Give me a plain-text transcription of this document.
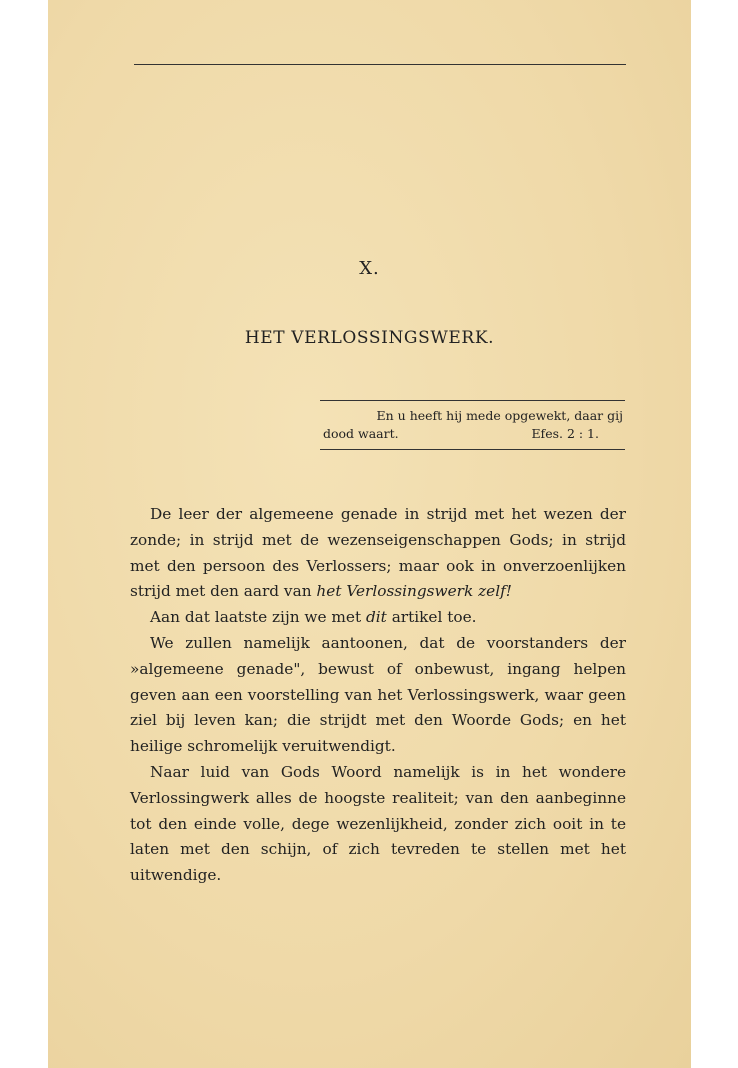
X.
HET VERLOSSINGSWERK.
En u heeft hij mede opgewekt, daar gij
dood waart.	Efes. 2 : 1.

De leer der algemeene genade in strijd met het wezen der zonde; in strijd met de wezenseigenschappen Gods; in strijd met den persoon des Verlossers; maar ook in onverzoenlijken strijd met den aard van het Verlossingswerk zelf!

Aan dat laatste zijn we met dit artikel toe.

We zullen namelijk aantoonen, dat de voorstanders der »algemeene genade", bewust of onbewust, ingang helpen geven aan een voorstelling van het Verlossingswerk, waar geen ziel bij leven kan; die strijdt met den Woorde Gods; en het heilige schromelijk veruitwendigt.

Naar luid van Gods Woord namelijk is in het wondere Verlossingwerk alles de hoogste realiteit; van den aanbeginne tot den einde volle, dege wezenlijkheid, zonder zich ooit in te laten met den schijn, of zich tevreden te stellen met het uitwendige.
